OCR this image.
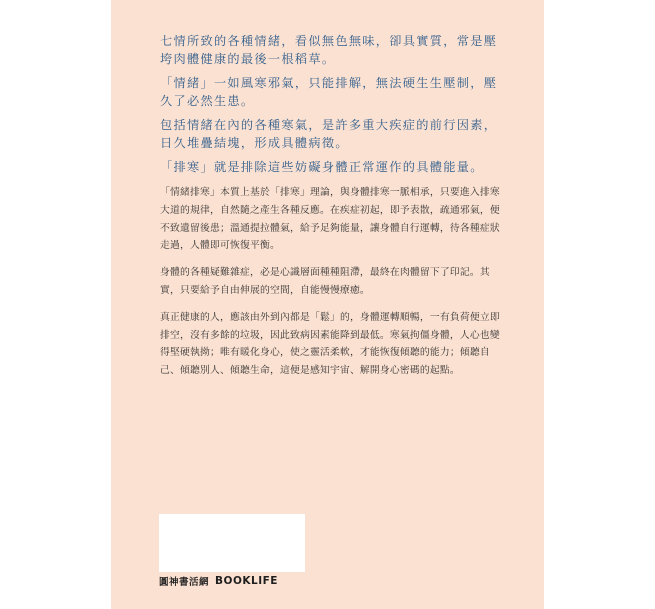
七情所致的各種情緒，看似無色無味，卻具實質，常是壓垮肉體健康的最後一根稻草。

「情緒」一如風寒邪氣，只能排解，無法硬生生壓制，壓久了必然生患。

包括情緒在內的各種寒氣，是許多重大疾症的前行因素，日久堆疊結塊，形成具體病徵。

「排寒」就是排除這些妨礙身體正常運作的具體能量。

「情緒排寒」本質上基於「排寒」理論，與身體排寒一脈相承，只要進入排寒大道的規律，自然隨之產生各種反應。在疾症初起，即予表散，疏通邪氣，便不致遺留後患；溫通提拉體氣，給予足夠能量，讓身體自行運轉，待各種症狀走過，人體即可恢復平衡。

身體的各種疑難雜症，必是心識層面種種阻滯，最終在肉體留下了印記。其實，只要給予自由伸展的空間，自能慢慢療癒。

真正健康的人，應該由外到內都是「鬆」的，身體運轉順暢，一有負荷便立即排空，沒有多餘的垃圾，因此致病因素能降到最低。寒氣拘僵身體，人心也變得堅硬執拗；唯有暖化身心，使之靈活柔軟，才能恢復傾聽的能力；傾聽自己、傾聽別人、傾聽生命，這便是感知宇宙、解開身心密碼的起點。

圓神書活網 BOOKLIFE
